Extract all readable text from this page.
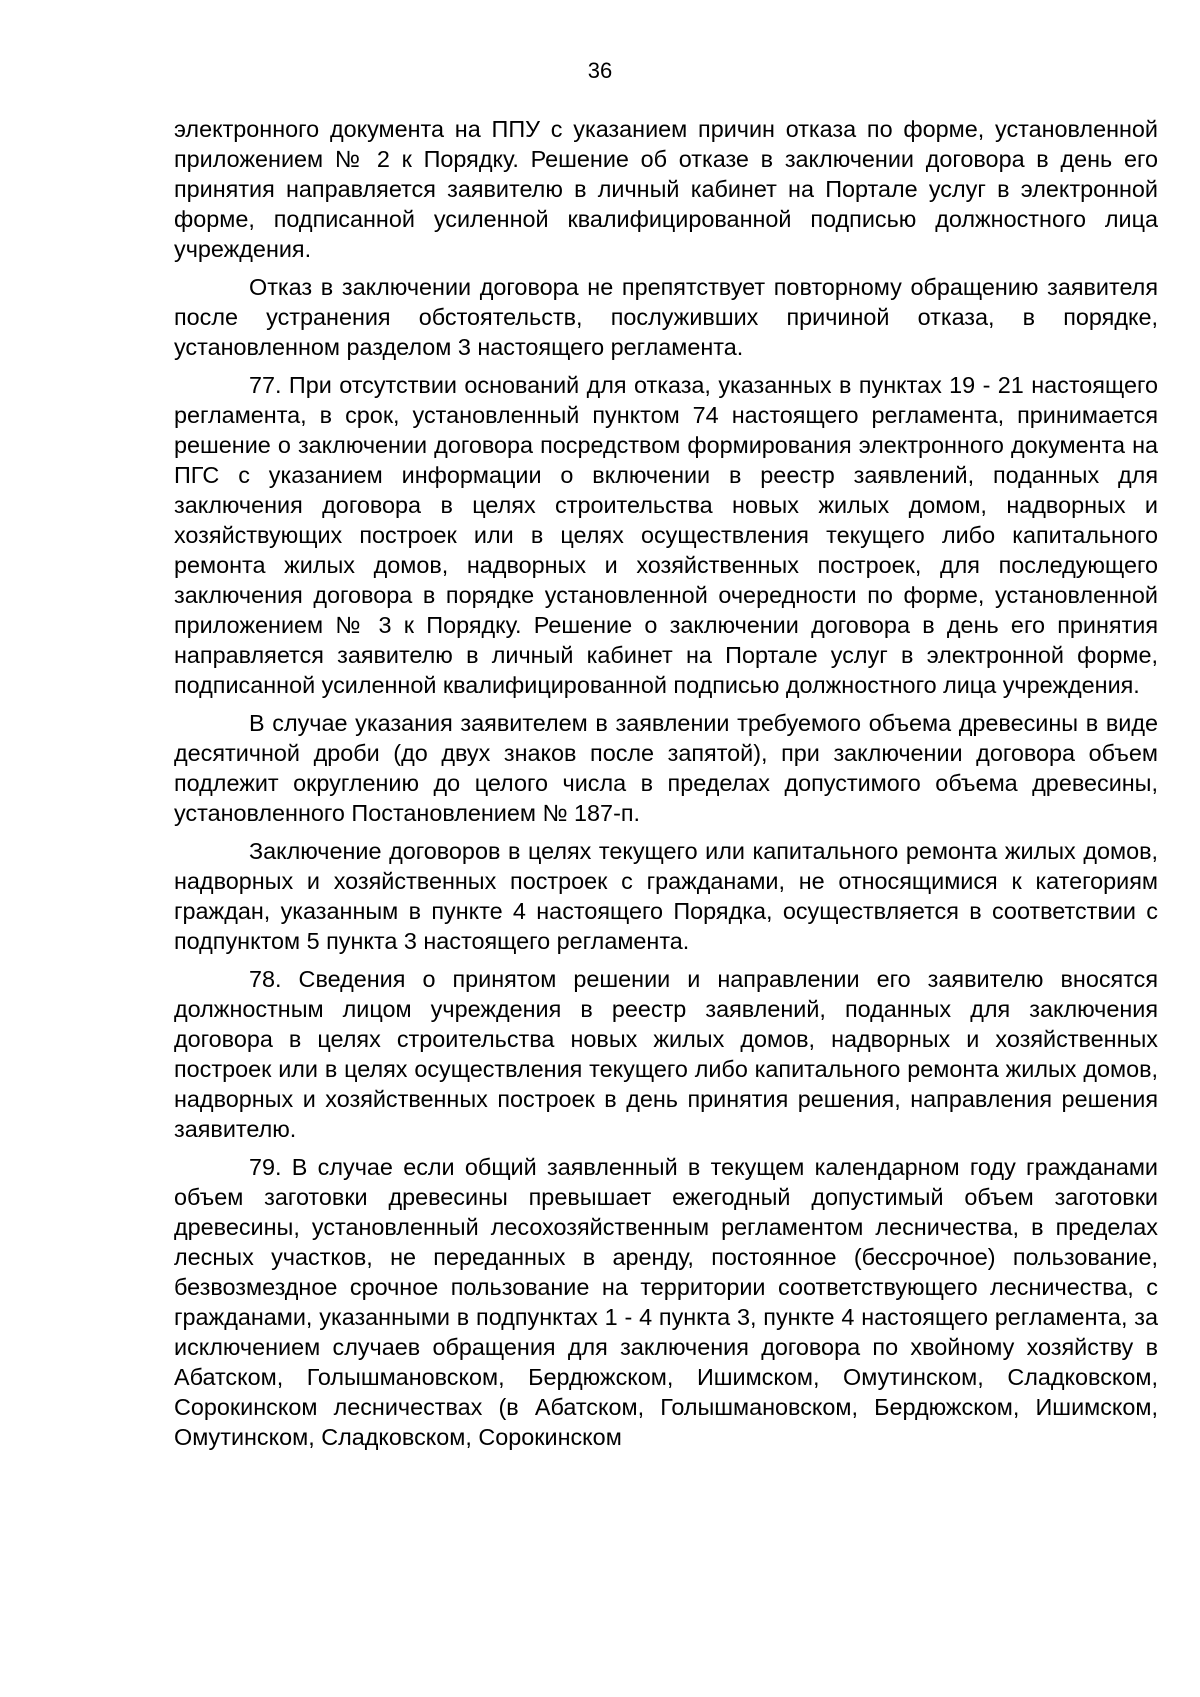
36

электронного документа на ППУ с указанием причин отказа по форме, установленной приложением № 2 к Порядку. Решение об отказе в заключении договора в день его принятия направляется заявителю в личный кабинет на Портале услуг в электронной форме, подписанной усиленной квалифицированной подписью должностного лица учреждения.

Отказ в заключении договора не препятствует повторному обращению заявителя после устранения обстоятельств, послуживших причиной отказа, в порядке, установленном разделом 3 настоящего регламента.

77. При отсутствии оснований для отказа, указанных в пунктах 19 - 21 настоящего регламента, в срок, установленный пунктом 74 настоящего регламента, принимается решение о заключении договора посредством формирования электронного документа на ПГС с указанием информации о включении в реестр заявлений, поданных для заключения договора в целях строительства новых жилых домом, надворных и хозяйствующих построек или в целях осуществления текущего либо капитального ремонта жилых домов, надворных и хозяйственных построек, для последующего заключения договора в порядке установленной очередности по форме, установленной приложением № 3 к Порядку. Решение о заключении договора в день его принятия направляется заявителю в личный кабинет на Портале услуг в электронной форме, подписанной усиленной квалифицированной подписью должностного лица учреждения.

В случае указания заявителем в заявлении требуемого объема древесины в виде десятичной дроби (до двух знаков после запятой), при заключении договора объем подлежит округлению до целого числа в пределах допустимого объема древесины, установленного Постановлением № 187-п.

Заключение договоров в целях текущего или капитального ремонта жилых домов, надворных и хозяйственных построек с гражданами, не относящимися к категориям граждан, указанным в пункте 4 настоящего Порядка, осуществляется в соответствии с подпунктом 5 пункта 3 настоящего регламента.

78. Сведения о принятом решении и направлении его заявителю вносятся должностным лицом учреждения в реестр заявлений, поданных для заключения договора в целях строительства новых жилых домов, надворных и хозяйственных построек или в целях осуществления текущего либо капитального ремонта жилых домов, надворных и хозяйственных построек в день принятия решения, направления решения заявителю.

79. В случае если общий заявленный в текущем календарном году гражданами объем заготовки древесины превышает ежегодный допустимый объем заготовки древесины, установленный лесохозяйственным регламентом лесничества, в пределах лесных участков, не переданных в аренду, постоянное (бессрочное) пользование, безвозмездное срочное пользование на территории соответствующего лесничества, с гражданами, указанными в подпунктах 1 - 4 пункта 3, пункте 4 настоящего регламента, за исключением случаев обращения для заключения договора по хвойному хозяйству в Абатском, Голышмановском, Бердюжском, Ишимском, Омутинском, Сладковском, Сорокинском лесничествах (в Абатском, Голышмановском, Бердюжском, Ишимском, Омутинском, Сладковском, Сорокинском
